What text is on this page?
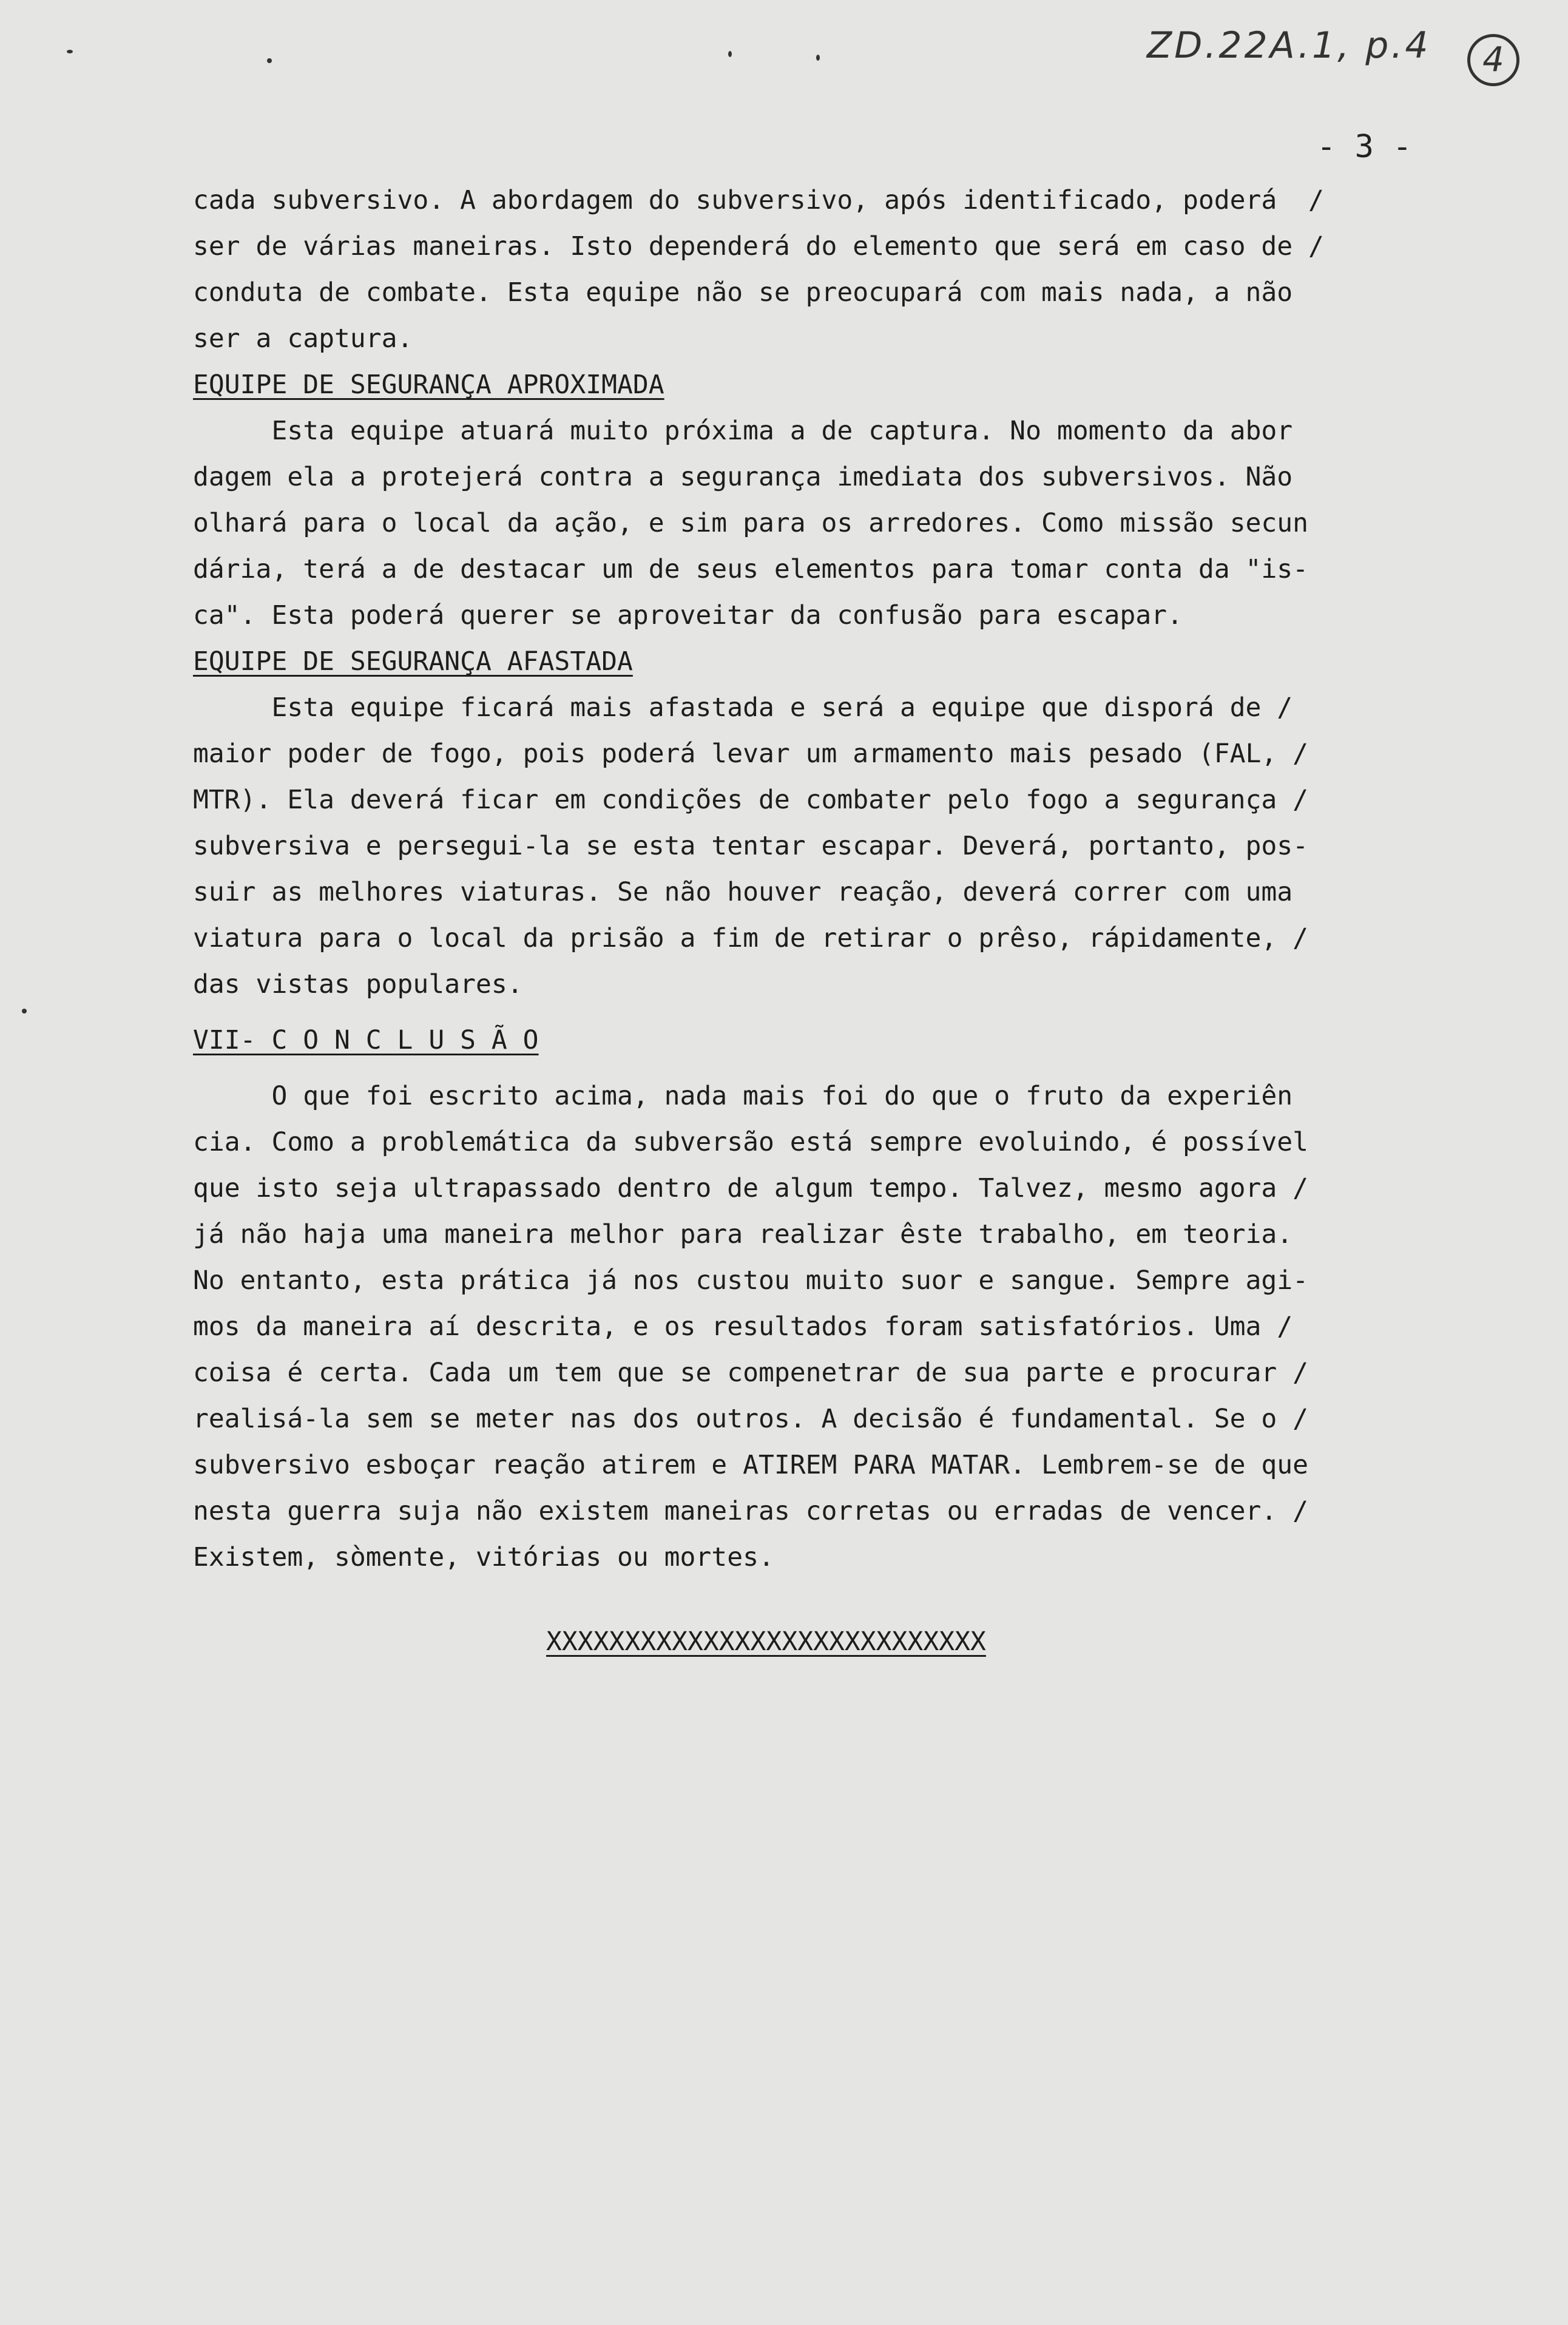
ZD.22A.1, p.4	4
- 3 -
cada subversivo. A abordagem do subversivo, após identificado, poderá  /
ser de várias maneiras. Isto dependerá do elemento que será em caso de /
conduta de combate. Esta equipe não se preocupará com mais nada, a não
ser a captura.
EQUIPE DE SEGURANÇA APROXIMADA
Esta equipe atuará muito próxima a de captura. No momento da abor
dagem ela a protejerá contra a segurança imediata dos subversivos. Não
olhará para o local da ação, e sim para os arredores. Como missão secun
dária, terá a de destacar um de seus elementos para tomar conta da "is-
ca". Esta poderá querer se aproveitar da confusão para escapar.
EQUIPE DE SEGURANÇA AFASTADA
Esta equipe ficará mais afastada e será a equipe que disporá de /
maior poder de fogo, pois poderá levar um armamento mais pesado (FAL, /
MTR). Ela deverá ficar em condições de combater pelo fogo a segurança /
subversiva e persegui-la se esta tentar escapar. Deverá, portanto, pos-
suir as melhores viaturas. Se não houver reação, deverá correr com uma
viatura para o local da prisão a fim de retirar o prêso, rápidamente, /
das vistas populares.
VII- C O N C L U S Ã O
O que foi escrito acima, nada mais foi do que o fruto da experiên
cia. Como a problemática da subversão está sempre evoluindo, é possível
que isto seja ultrapassado dentro de algum tempo. Talvez, mesmo agora /
já não haja uma maneira melhor para realizar êste trabalho, em teoria.
No entanto, esta prática já nos custou muito suor e sangue. Sempre agi-
mos da maneira aí descrita, e os resultados foram satisfatórios. Uma /
coisa é certa. Cada um tem que se compenetrar de sua parte e procurar /
realisá-la sem se meter nas dos outros. A decisão é fundamental. Se o /
subversivo esboçar reação atirem e ATIREM PARA MATAR. Lembrem-se de que
nesta guerra suja não existem maneiras corretas ou erradas de vencer. /
Existem, sòmente, vitórias ou mortes.
XXXXXXXXXXXXXXXXXXXXXXXXXXXX
